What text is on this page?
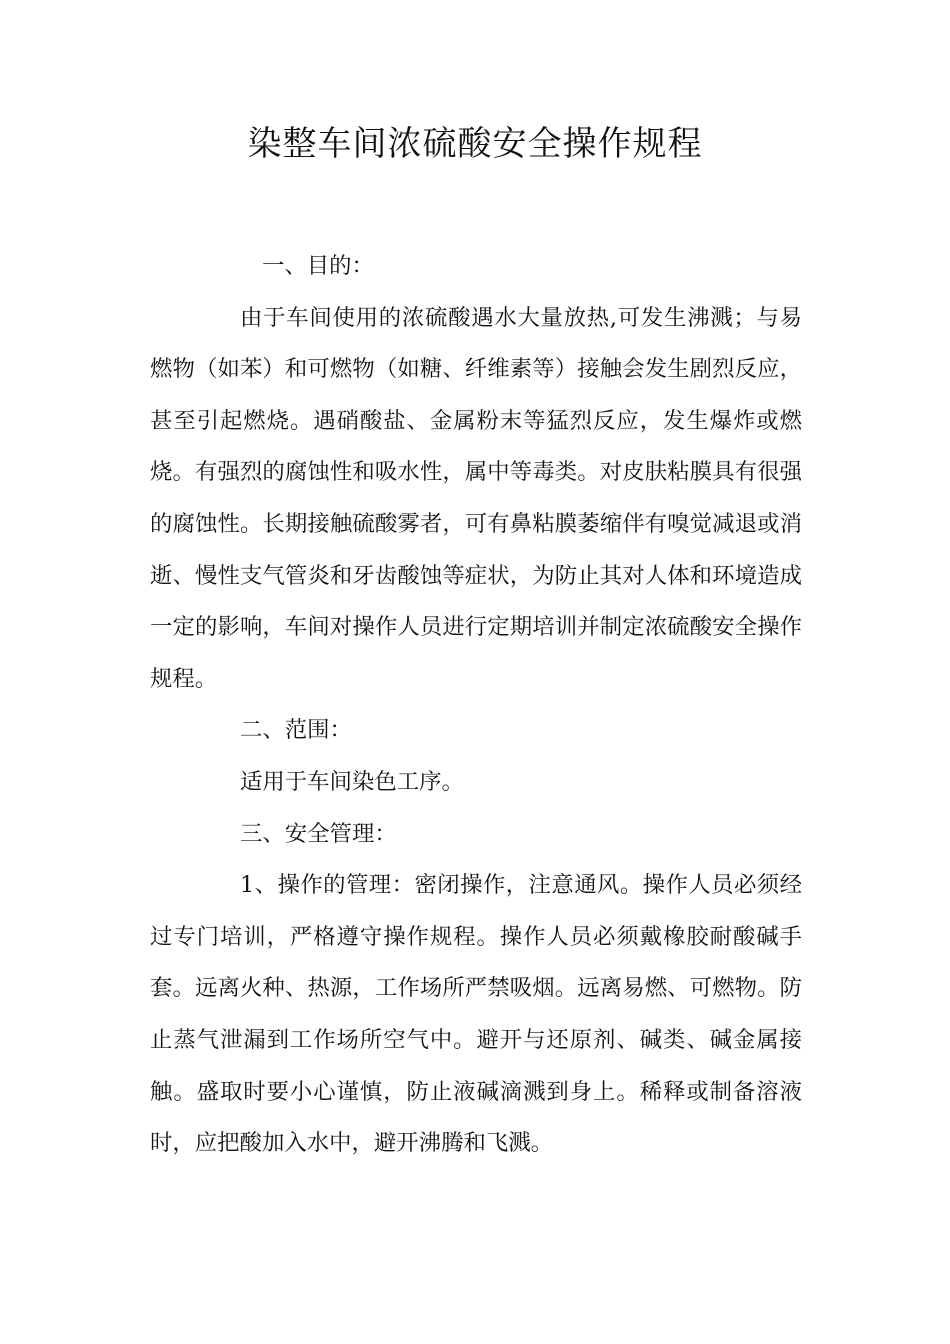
染整车间浓硫酸安全操作规程

一、目的：

由于车间使用的浓硫酸遇水大量放热,可发生沸溅；与易燃物（如苯）和可燃物（如糖、纤维素等）接触会发生剧烈反应，甚至引起燃烧。遇硝酸盐、金属粉末等猛烈反应，发生爆炸或燃烧。有强烈的腐蚀性和吸水性，属中等毒类。对皮肤粘膜具有很强的腐蚀性。长期接触硫酸雾者，可有鼻粘膜萎缩伴有嗅觉减退或消逝、慢性支气管炎和牙齿酸蚀等症状，为防止其对人体和环境造成一定的影响，车间对操作人员进行定期培训并制定浓硫酸安全操作规程。

二、范围：

适用于车间染色工序。

三、安全管理：

1、操作的管理：密闭操作，注意通风。操作人员必须经过专门培训，严格遵守操作规程。操作人员必须戴橡胶耐酸碱手套。远离火种、热源，工作场所严禁吸烟。远离易燃、可燃物。防止蒸气泄漏到工作场所空气中。避开与还原剂、碱类、碱金属接触。盛取时要小心谨慎，防止液碱滴溅到身上。稀释或制备溶液时，应把酸加入水中，避开沸腾和飞溅。
